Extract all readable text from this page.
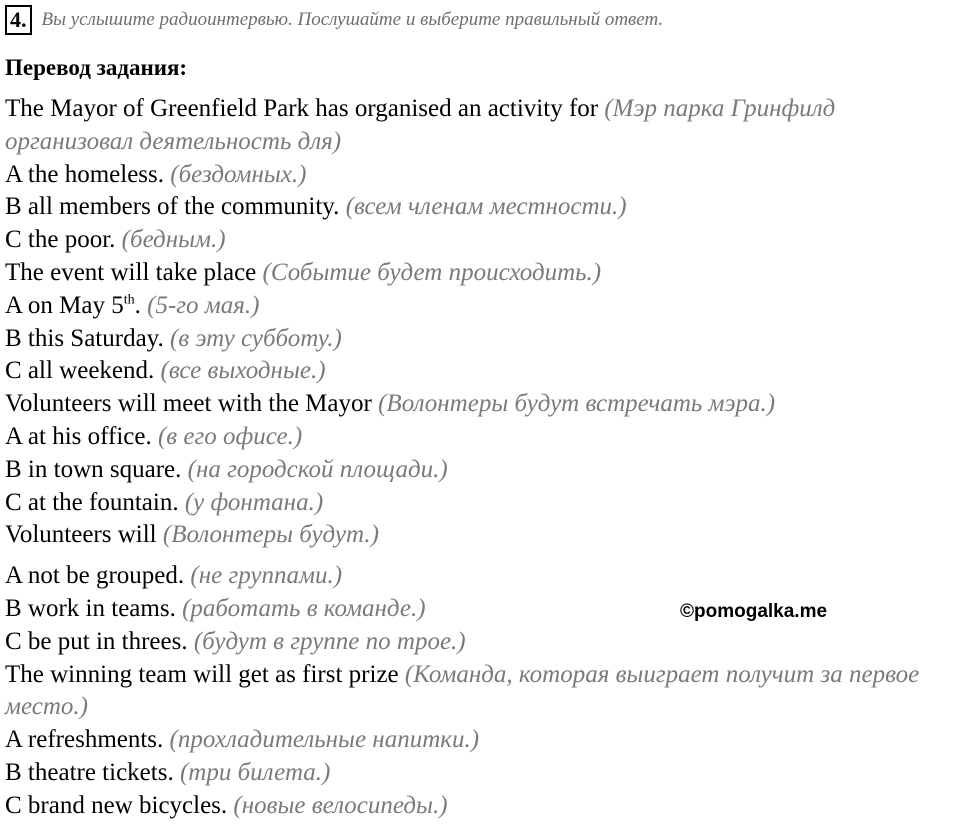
4. Вы услышите радиоинтервью. Послушайте и выберите правильный ответ.
Перевод задания:
The Mayor of Greenfield Park has organised an activity for (Мэр парка Гринфилд организовал деятельность для)
A the homeless. (бездомных.)
B all members of the community. (всем членам местности.)
C the poor. (бедным.)
The event will take place (Событие будет происходить.)
A on May 5th. (5-го мая.)
B this Saturday. (в эту субботу.)
C all weekend. (все выходные.)
Volunteers will meet with the Mayor (Волонтеры будут встречать мэра.)
A at his office. (в его офисе.)
B in town square. (на городской площади.)
C at the fountain. (у фонтана.)
Volunteers will (Волонтеры будут.)
A not be grouped. (не группами.)
B work in teams. (работать в команде.)
C be put in threes. (будут в группе по трое.)
The winning team will get as first prize (Команда, которая выиграет получит за первое место.)
A refreshments. (прохладительные напитки.)
B theatre tickets. (три билета.)
C brand new bicycles. (новые велосипеды.)
©pomogalka.me
